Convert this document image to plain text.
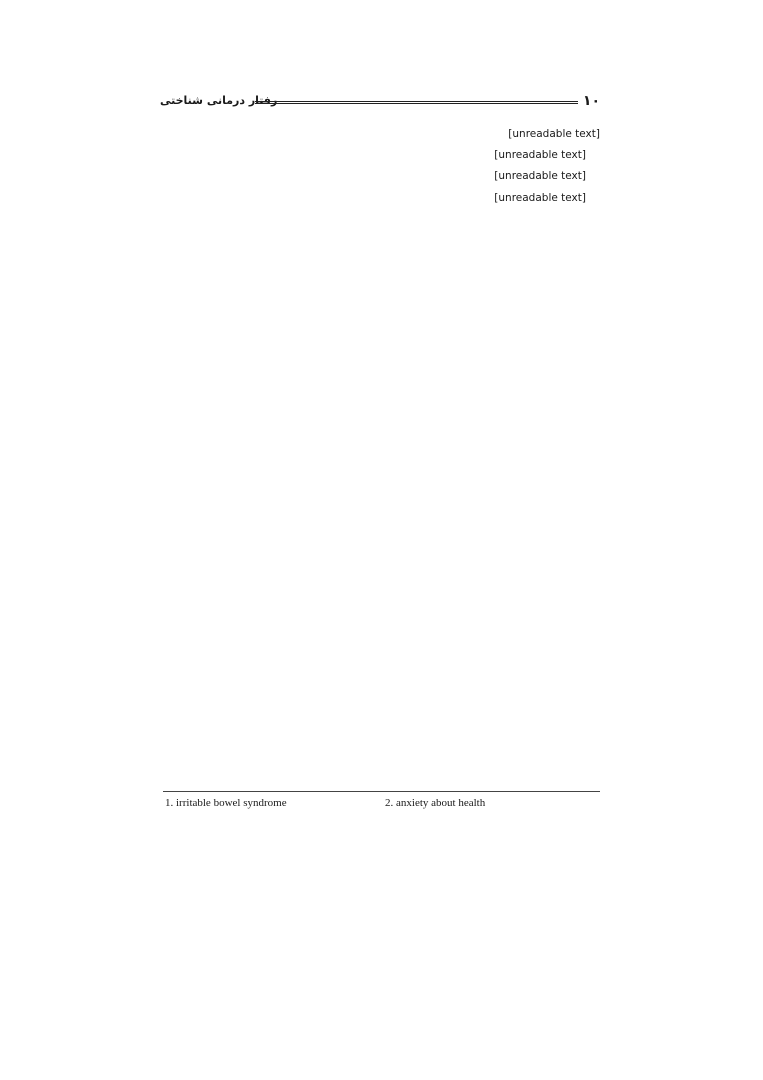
رفتار درمانی شناختی	۱۰

[unreadable text]

[unreadable text]

[unreadable text]

[unreadable text]

1. irritable bowel syndrome	2. anxiety about health
